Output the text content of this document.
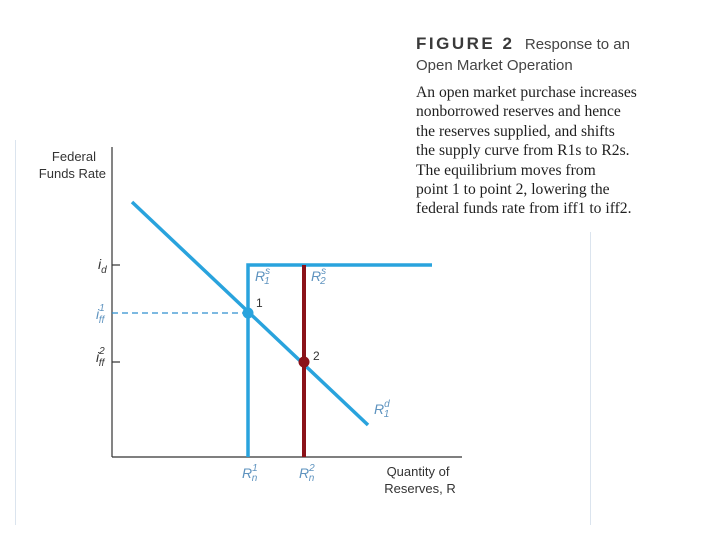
FIGURE 2 Response to an
Open Market Operation
An open market purchase increases
nonborrowed reserves and hence
the reserves supplied, and shifts
the supply curve from R1s to R2s.
The equilibrium moves from
point 1 to point 2, lowering the
federal funds rate from iff1 to iff2.
Federal
Funds Rate
Quantity of
Reserves, R
$i_d$
$i^1$ ff
$i^2$ ff
1
2
$R^s$ 1	$R^s$ 2
$R^d$ 1
$R^1$ n	$R^2$ n
